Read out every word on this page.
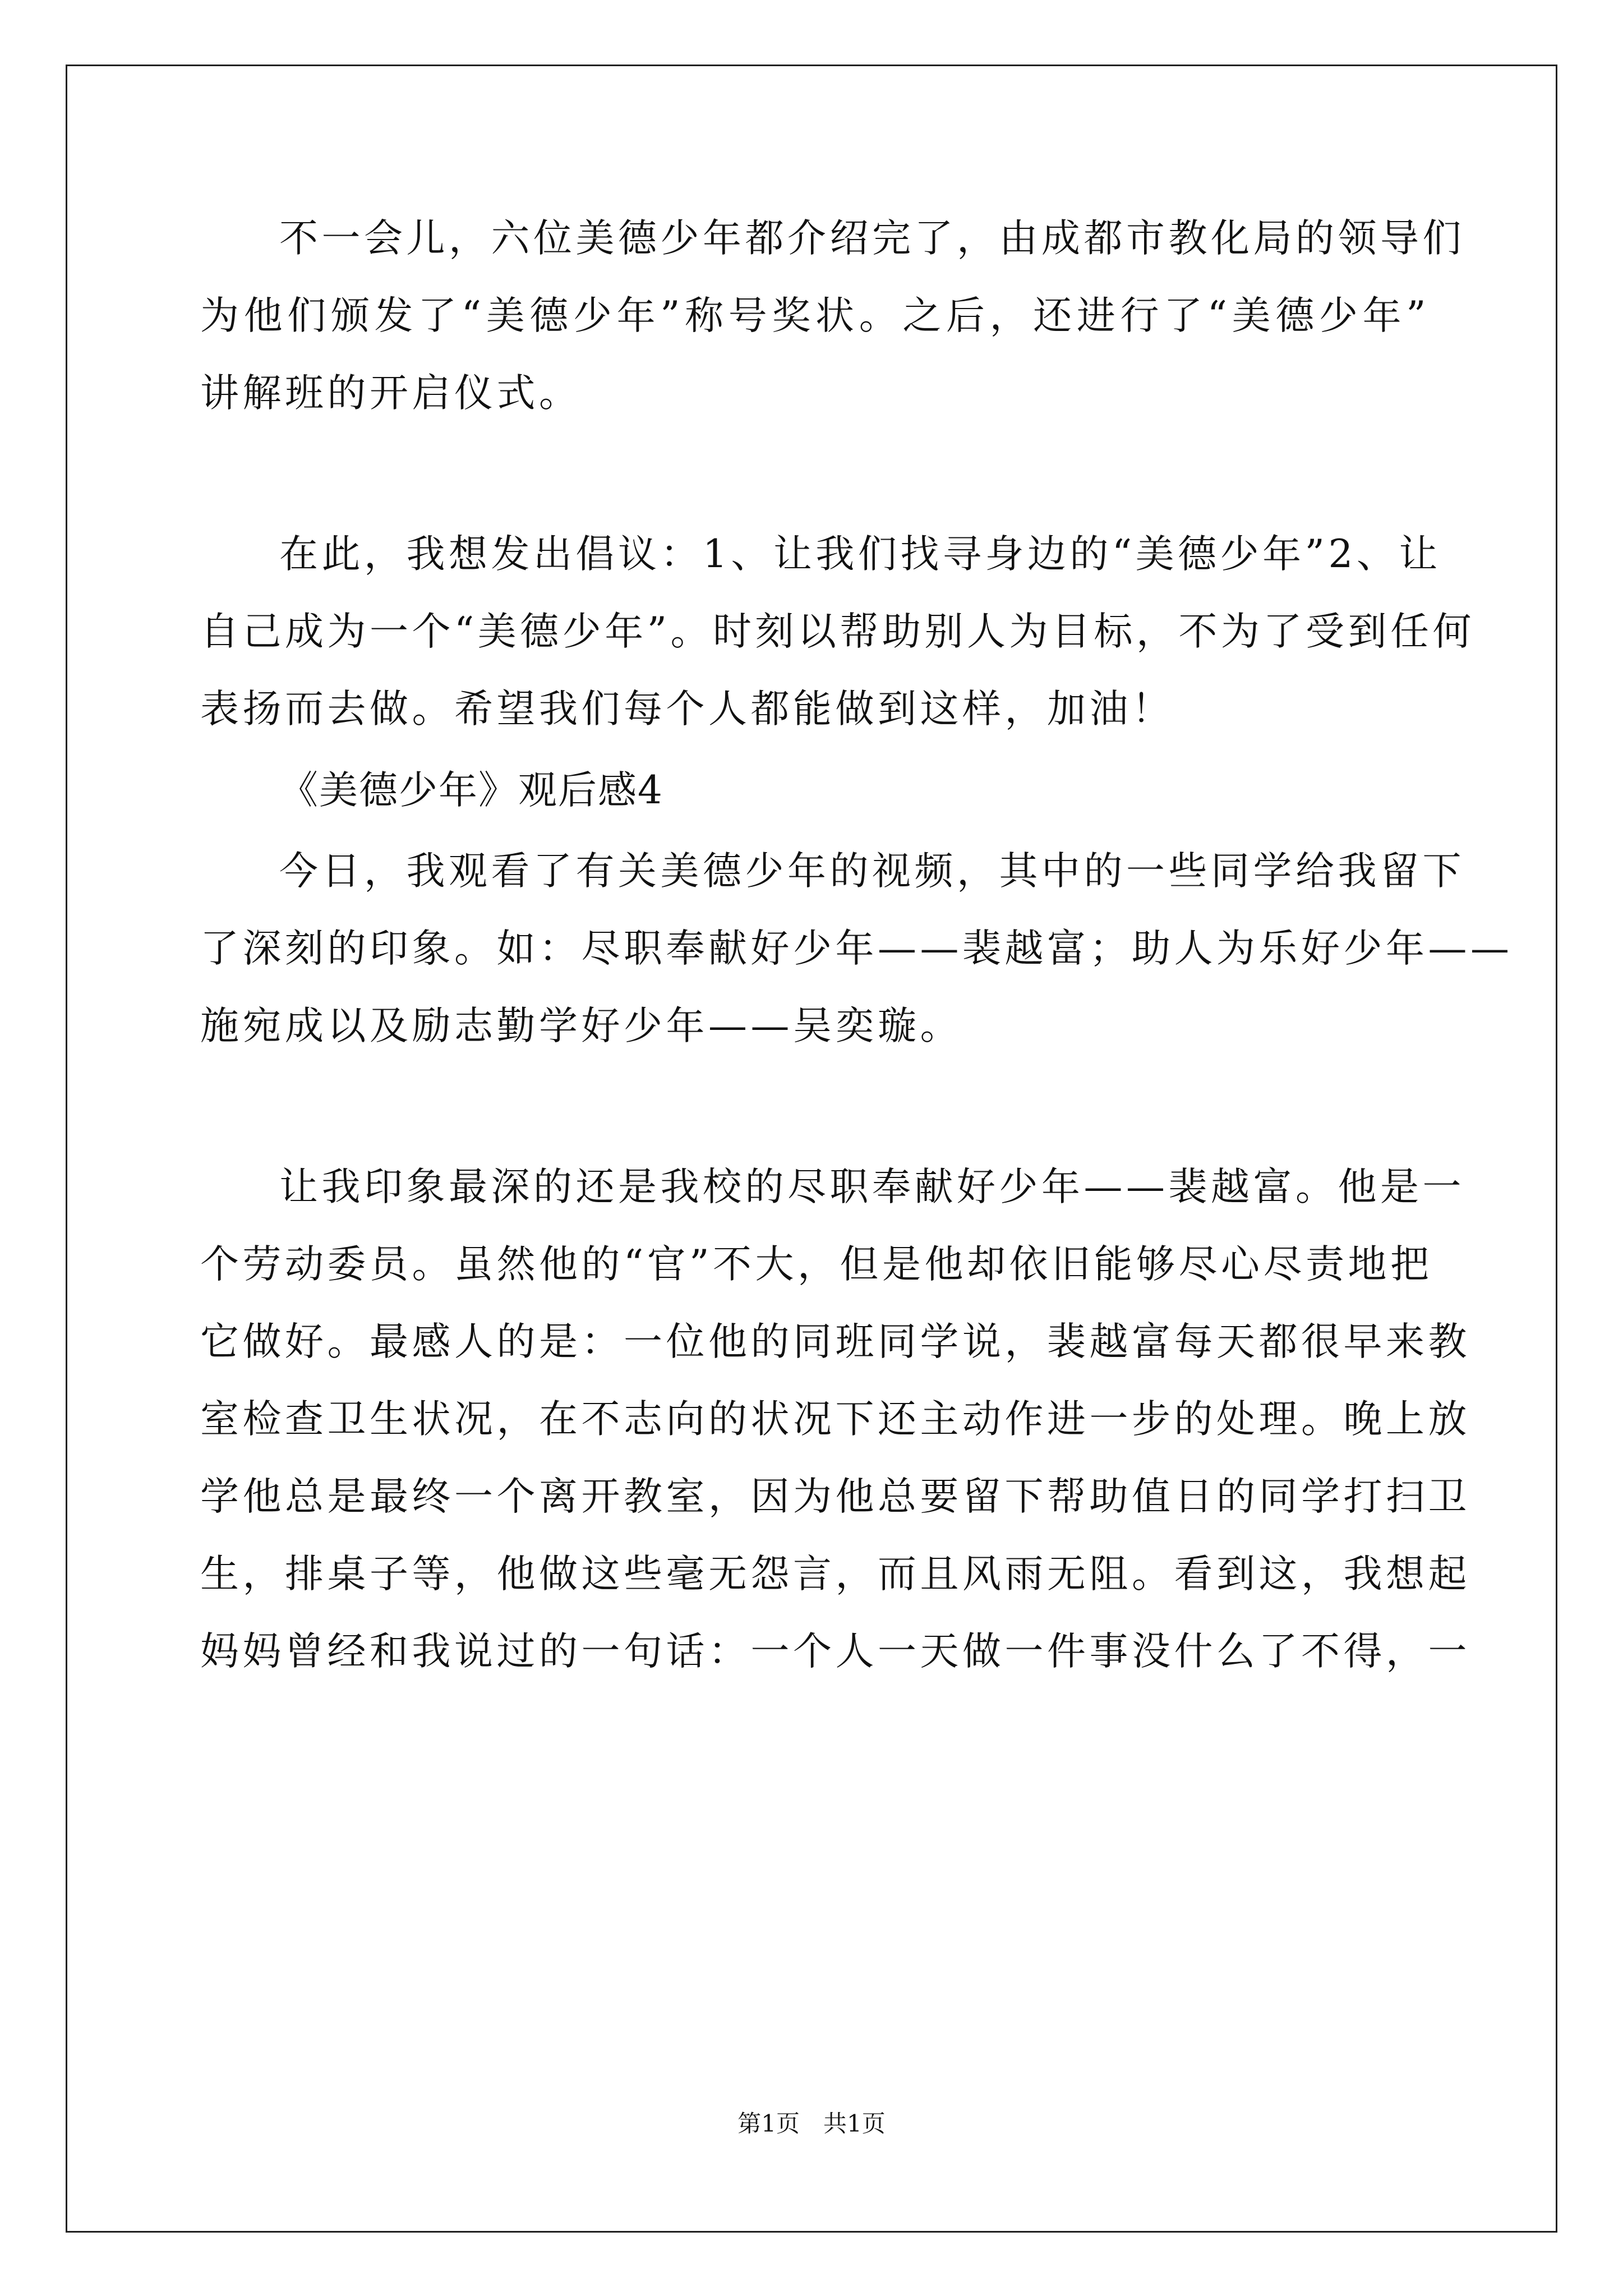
不一会儿，六位美德少年都介绍完了，由成都市教化局的领导们
为他们颁发了“美德少年”称号奖状。之后，还进行了“美德少年”
讲解班的开启仪式。
在此，我想发出倡议：1、让我们找寻身边的“美德少年”2、让
自己成为一个“美德少年”。时刻以帮助别人为目标，不为了受到任何
表扬而去做。希望我们每个人都能做到这样，加油！
《美德少年》观后感4
今日，我观看了有关美德少年的视频，其中的一些同学给我留下
了深刻的印象。如：尽职奉献好少年——裴越富；助人为乐好少年——
施宛成以及励志勤学好少年——吴奕璇。
让我印象最深的还是我校的尽职奉献好少年——裴越富。他是一
个劳动委员。虽然他的“官”不大，但是他却依旧能够尽心尽责地把
它做好。最感人的是：一位他的同班同学说，裴越富每天都很早来教
室检查卫生状况，在不志向的状况下还主动作进一步的处理。晚上放
学他总是最终一个离开教室，因为他总要留下帮助值日的同学打扫卫
生，排桌子等，他做这些毫无怨言，而且风雨无阻。看到这，我想起
妈妈曾经和我说过的一句话：一个人一天做一件事没什么了不得，一
第1页　共1页
